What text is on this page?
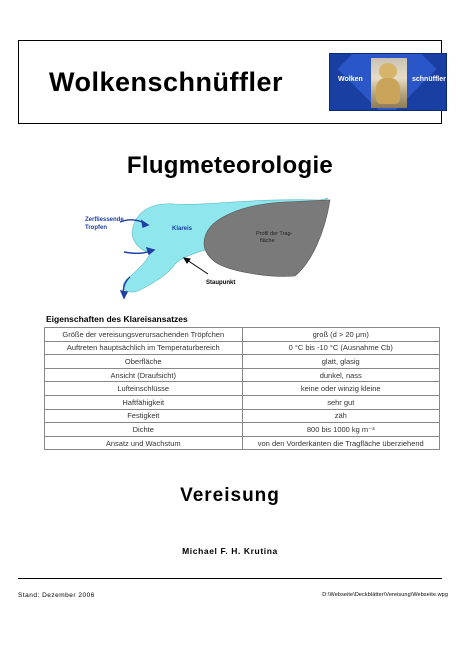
Wolkenschnüffler	Wolken	schnüffler
Flugmeteorologie
Zerfliessende
Tropfen	Klareis
Profil der Trag-
fläche
Staupunkt
Eigenschaften des Klareisansatzes
Größe der vereisungsverursachenden Tröpfchen	groß (d > 20 μm)
Auftreten hauptsächlich im Temperaturbereich	0 °C bis -10 °C (Ausnahme Cb)
Oberfläche	glatt, glasig
Ansicht (Draufsicht)	dunkel, nass
Lufteinschlüsse	keine oder winzig kleine
Haftfähigkeit	sehr gut
Festigkeit	zäh
Dichte	800 bis 1000 kg m⁻³
Ansatz und Wachstum	von den Vorderkanten die Tragfläche überziehend
Vereisung
Michael F. H. Krutina
Stand: Dezember 2006	D:\Webseite\Deckblätter\Vereisung\Webseite.wpg
